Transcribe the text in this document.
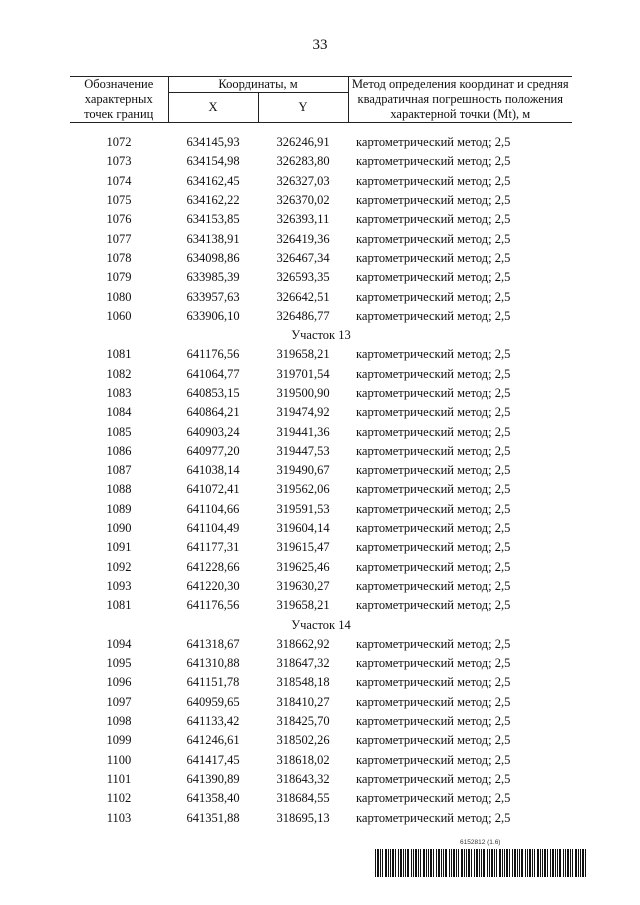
33
Обозначение характерных точек границ	Координаты, м		Метод определения координат и средняя квадратичная погрешность положения характерной точки (Mt), м
	X	Y	

1072	634145,93	326246,91	картометрический метод; 2,5
1073	634154,98	326283,80	картометрический метод; 2,5
1074	634162,45	326327,03	картометрический метод; 2,5
1075	634162,22	326370,02	картометрический метод; 2,5
1076	634153,85	326393,11	картометрический метод; 2,5
1077	634138,91	326419,36	картометрический метод; 2,5
1078	634098,86	326467,34	картометрический метод; 2,5
1079	633985,39	326593,35	картометрический метод; 2,5
1080	633957,63	326642,51	картометрический метод; 2,5
1060	633906,10	326486,77	картометрический метод; 2,5
Участок 13			
1081	641176,56	319658,21	картометрический метод; 2,5
1082	641064,77	319701,54	картометрический метод; 2,5
1083	640853,15	319500,90	картометрический метод; 2,5
1084	640864,21	319474,92	картометрический метод; 2,5
1085	640903,24	319441,36	картометрический метод; 2,5
1086	640977,20	319447,53	картометрический метод; 2,5
1087	641038,14	319490,67	картометрический метод; 2,5
1088	641072,41	319562,06	картометрический метод; 2,5
1089	641104,66	319591,53	картометрический метод; 2,5
1090	641104,49	319604,14	картометрический метод; 2,5
1091	641177,31	319615,47	картометрический метод; 2,5
1092	641228,66	319625,46	картометрический метод; 2,5
1093	641220,30	319630,27	картометрический метод; 2,5
1081	641176,56	319658,21	картометрический метод; 2,5
Участок 14			
1094	641318,67	318662,92	картометрический метод; 2,5
1095	641310,88	318647,32	картометрический метод; 2,5
1096	641151,78	318548,18	картометрический метод; 2,5
1097	640959,65	318410,27	картометрический метод; 2,5
1098	641133,42	318425,70	картометрический метод; 2,5
1099	641246,61	318502,26	картометрический метод; 2,5
1100	641417,45	318618,02	картометрический метод; 2,5
1101	641390,89	318643,32	картометрический метод; 2,5
1102	641358,40	318684,55	картометрический метод; 2,5
1103	641351,88	318695,13	картометрический метод; 2,5
6152812 (1.6)
